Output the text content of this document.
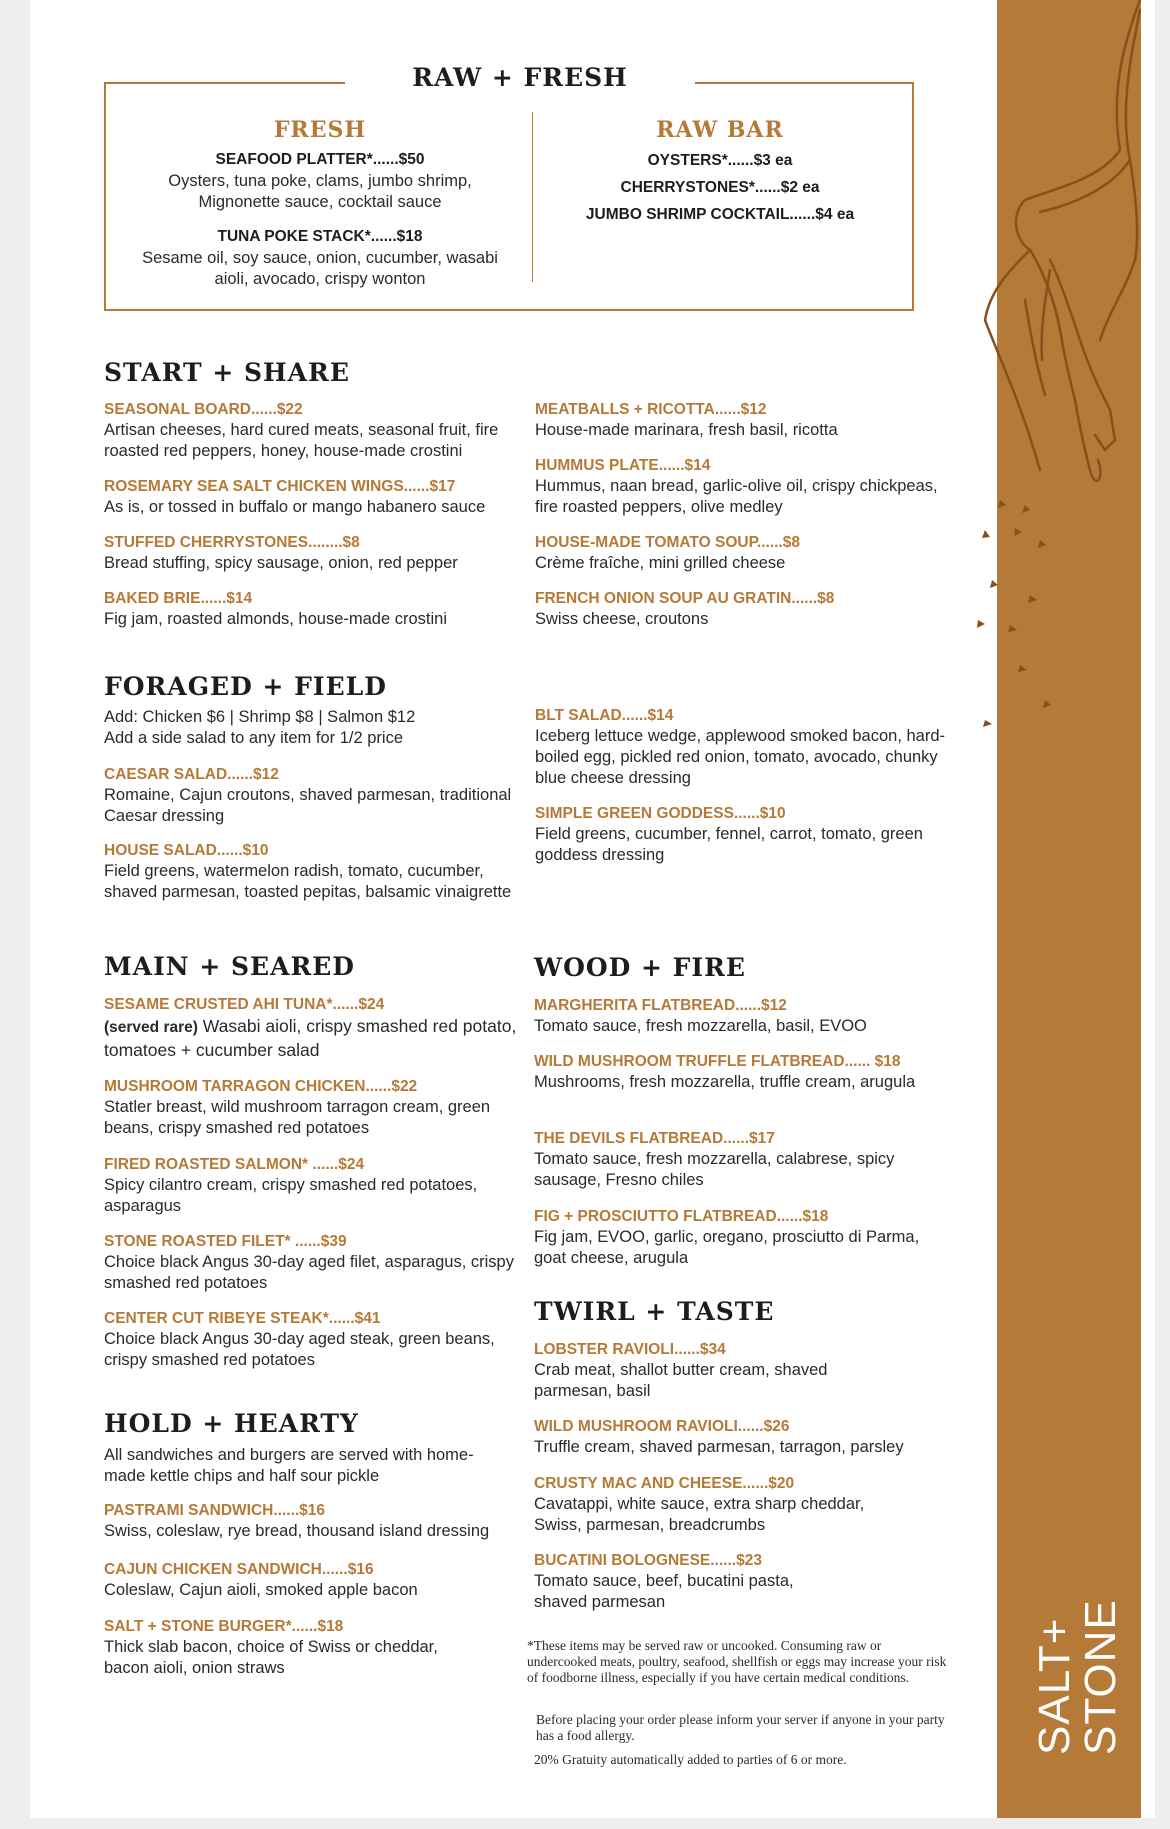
SALT+
STONE
RAW + FRESH
FRESH
SEAFOOD PLATTER*......$50
Oysters, tuna poke, clams, jumbo shrimp, Mignonette sauce, cocktail sauce
TUNA POKE STACK*......$18
Sesame oil, soy sauce, onion, cucumber, wasabi aioli, avocado, crispy wonton
RAW BAR
OYSTERS*......$3 ea
CHERRYSTONES*......$2 ea
JUMBO SHRIMP COCKTAIL......$4 ea
START + SHARE
SEASONAL BOARD......$22
Artisan cheeses, hard cured meats, seasonal fruit, fire roasted red peppers, honey, house-made crostini
ROSEMARY SEA SALT CHICKEN WINGS......$17
As is, or tossed in buffalo or mango habanero sauce
STUFFED CHERRYSTONES........$8
Bread stuffing, spicy sausage, onion, red pepper
BAKED BRIE......$14
Fig jam, roasted almonds, house-made crostini
MEATBALLS + RICOTTA......$12
House-made marinara, fresh basil, ricotta
HUMMUS PLATE......$14
Hummus, naan bread, garlic-olive oil, crispy chickpeas, fire roasted peppers, olive medley
HOUSE-MADE TOMATO SOUP......$8
Crème fraîche, mini grilled cheese
FRENCH ONION SOUP AU GRATIN......$8
Swiss cheese, croutons
FORAGED + FIELD
Add: Chicken $6 | Shrimp $8 | Salmon $12
Add a side salad to any item for 1/2 price
CAESAR SALAD......$12
Romaine, Cajun croutons, shaved parmesan, traditional Caesar dressing
HOUSE SALAD......$10
Field greens, watermelon radish, tomato, cucumber, shaved parmesan, toasted pepitas, balsamic vinaigrette
BLT SALAD......$14
Iceberg lettuce wedge, applewood smoked bacon, hard-boiled egg, pickled red onion, tomato, avocado, chunky blue cheese dressing
SIMPLE GREEN GODDESS......$10
Field greens, cucumber, fennel, carrot, tomato, green goddess dressing
MAIN + SEARED
SESAME CRUSTED AHI TUNA*......$24
(served rare) Wasabi aioli, crispy smashed red potato, tomatoes + cucumber salad
MUSHROOM TARRAGON CHICKEN......$22
Statler breast, wild mushroom tarragon cream, green beans, crispy smashed red potatoes
FIRED ROASTED SALMON* ......$24
Spicy cilantro cream, crispy smashed red potatoes, asparagus
STONE ROASTED FILET* ......$39
Choice black Angus 30-day aged filet, asparagus, crispy smashed red potatoes
CENTER CUT RIBEYE STEAK*......$41
Choice black Angus 30-day aged steak, green beans, crispy smashed red potatoes
WOOD + FIRE
MARGHERITA FLATBREAD......$12
Tomato sauce, fresh mozzarella, basil, EVOO
WILD MUSHROOM TRUFFLE FLATBREAD...... $18
Mushrooms, fresh mozzarella, truffle cream, arugula
THE DEVILS FLATBREAD......$17
Tomato sauce, fresh mozzarella, calabrese, spicy sausage, Fresno chiles
FIG + PROSCIUTTO FLATBREAD......$18
Fig jam, EVOO, garlic, oregano, prosciutto di Parma, goat cheese, arugula
HOLD + HEARTY
All sandwiches and burgers are served with home-made kettle chips and half sour pickle
PASTRAMI SANDWICH......$16
Swiss, coleslaw, rye bread, thousand island dressing
CAJUN CHICKEN SANDWICH......$16
Coleslaw, Cajun aioli, smoked apple bacon
SALT + STONE BURGER*......$18
Thick slab bacon, choice of Swiss or cheddar, bacon aioli, onion straws
TWIRL + TASTE
LOBSTER RAVIOLI......$34
Crab meat, shallot butter cream, shaved parmesan, basil
WILD MUSHROOM RAVIOLI......$26
Truffle cream, shaved parmesan, tarragon, parsley
CRUSTY MAC AND CHEESE......$20
Cavatappi, white sauce, extra sharp cheddar, Swiss, parmesan, breadcrumbs
BUCATINI BOLOGNESE......$23
Tomato sauce, beef, bucatini pasta, shaved parmesan
*These items may be served raw or uncooked. Consuming raw or undercooked meats, poultry, seafood, shellfish or eggs may increase your risk of foodborne illness, especially if you have certain medical conditions.
Before placing your order please inform your server if anyone in your party has a food allergy.
20% Gratuity automatically added to parties of 6 or more.
